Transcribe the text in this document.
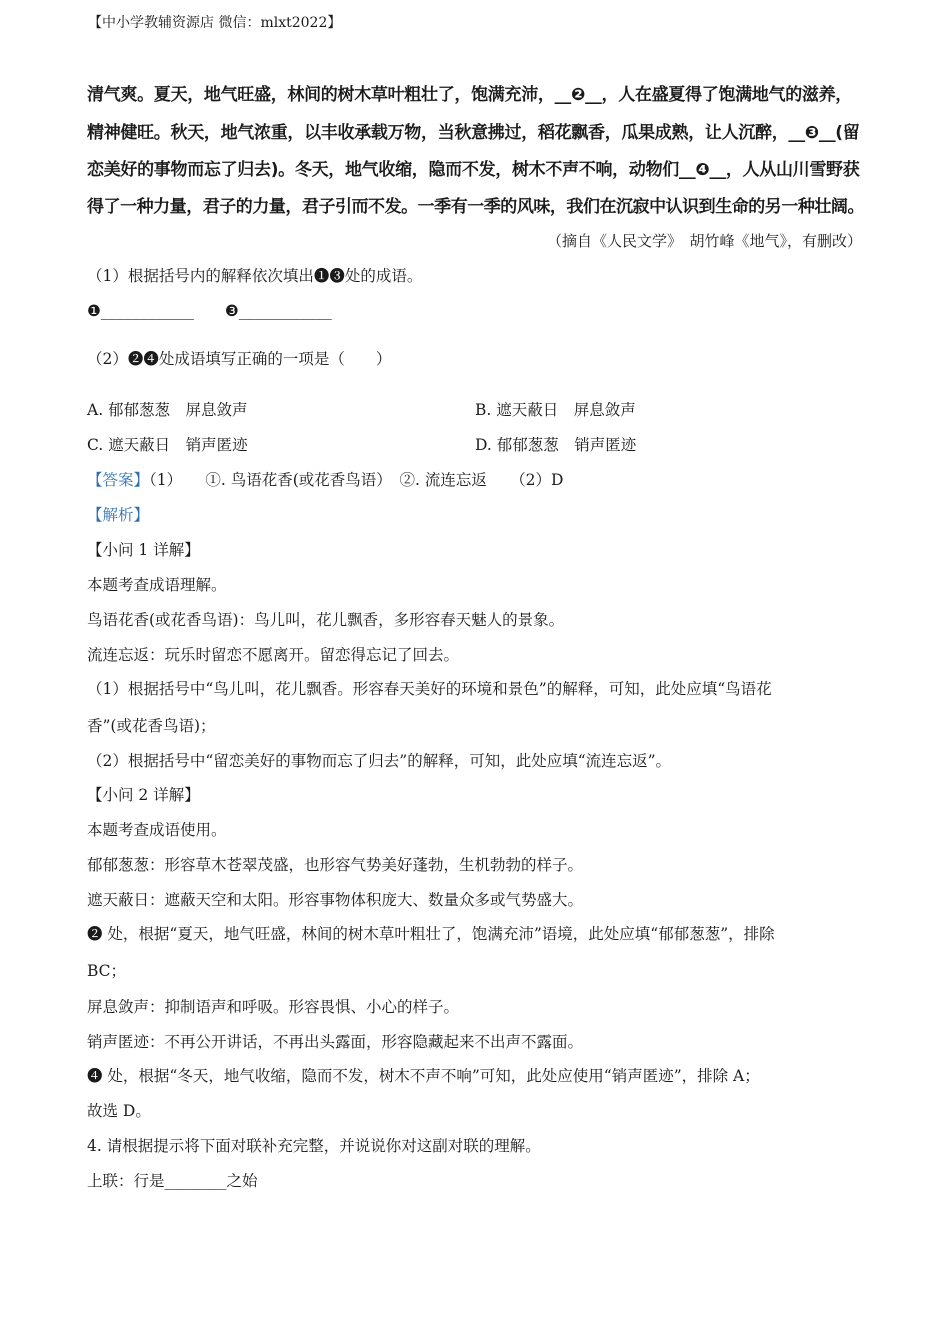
【中小学教辅资源店 微信：mlxt2022】
清气爽。夏天，地气旺盛，林间的树木草叶粗壮了，饱满充沛，__❷__，人在盛夏得了饱满地气的滋养，
精神健旺。秋天，地气浓重，以丰收承载万物，当秋意拂过，稻花飘香，瓜果成熟，让人沉醉，__❸__(留
恋美好的事物而忘了归去)。冬天，地气收缩，隐而不发，树木不声不响，动物们__❹__，人从山川雪野获
得了一种力量，君子的力量，君子引而不发。一季有一季的风味，我们在沉寂中认识到生命的另一种壮阔。
（摘自《人民文学》　胡竹峰《地气》，有删改）
（1）根据括号内的解释依次填出❶❸处的成语。
❶____________　　❸____________
（2）❷❹处成语填写正确的一项是（　　）
A. 郁郁葱葱　屏息敛声	B. 遮天蔽日　屏息敛声
C. 遮天蔽日　销声匿迹	D. 郁郁葱葱　销声匿迹
【答案】（1）　　①. 鸟语花香(或花香鸟语）　②. 流连忘返　　（2）D
【解析】
【小问 1 详解】
本题考查成语理解。
鸟语花香(或花香鸟语)：鸟儿叫，花儿飘香，多形容春天魅人的景象。
流连忘返：玩乐时留恋不愿离开。留恋得忘记了回去。
（1）根据括号中“鸟儿叫，花儿飘香。形容春天美好的环境和景色”的解释，可知，此处应填“鸟语花
香”(或花香鸟语)；
（2）根据括号中“留恋美好的事物而忘了归去”的解释，可知，此处应填“流连忘返”。
【小问 2 详解】
本题考查成语使用。
郁郁葱葱：形容草木苍翠茂盛，也形容气势美好蓬勃，生机勃勃的样子。
遮天蔽日：遮蔽天空和太阳。形容事物体积庞大、数量众多或气势盛大。
❷ 处，根据“夏天，地气旺盛，林间的树木草叶粗壮了，饱满充沛”语境，此处应填“郁郁葱葱”，排除
BC；
屏息敛声：抑制语声和呼吸。形容畏惧、小心的样子。
销声匿迹：不再公开讲话，不再出头露面，形容隐藏起来不出声不露面。
❹ 处，根据“冬天，地气收缩，隐而不发，树木不声不响”可知，此处应使用“销声匿迹”，排除 A；
故选 D。
4. 请根据提示将下面对联补充完整，并说说你对这副对联的理解。
上联：行是________之始
